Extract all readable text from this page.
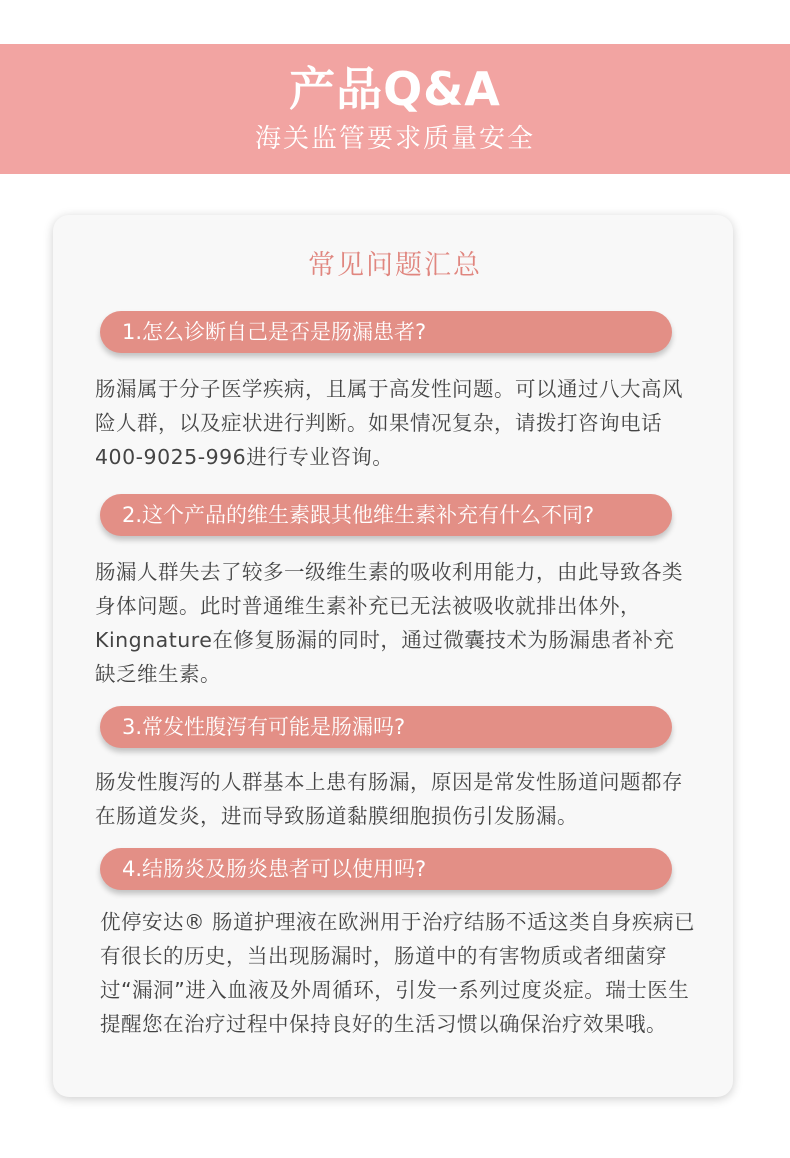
产品Q&A
海关监管要求质量安全
常见问题汇总
1.怎么诊断自己是否是肠漏患者?

肠漏属于分子医学疾病，且属于高发性问题。可以通过八大高风险人群，以及症状进行判断。如果情况复杂，请拨打咨询电话400-9025-996进行专业咨询。

2.这个产品的维生素跟其他维生素补充有什么不同?

肠漏人群失去了较多一级维生素的吸收利用能力，由此导致各类身体问题。此时普通维生素补充已无法被吸收就排出体外，Kingnature在修复肠漏的同时，通过微囊技术为肠漏患者补充缺乏维生素。

3.常发性腹泻有可能是肠漏吗?

肠发性腹泻的人群基本上患有肠漏，原因是常发性肠道问题都存在肠道发炎，进而导致肠道黏膜细胞损伤引发肠漏。

4.结肠炎及肠炎患者可以使用吗?

优停安达® 肠道护理液在欧洲用于治疗结肠不适这类自身疾病已有很长的历史，当出现肠漏时，肠道中的有害物质或者细菌穿过“漏洞”进入血液及外周循环，引发一系列过度炎症。瑞士医生提醒您在治疗过程中保持良好的生活习惯以确保治疗效果哦。
